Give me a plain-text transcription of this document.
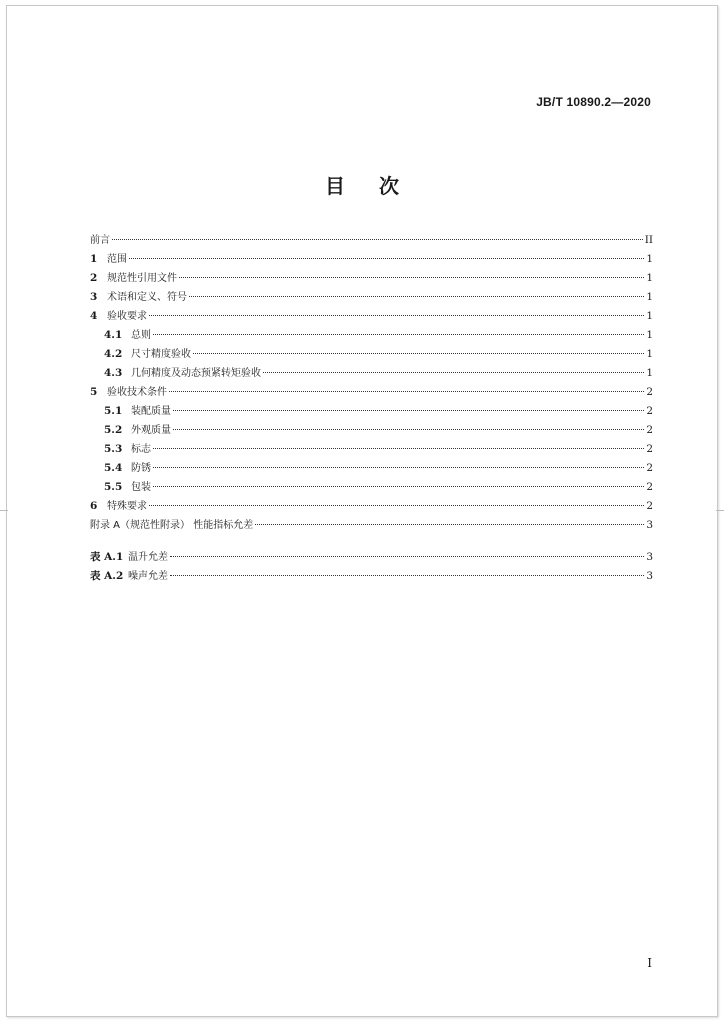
JB/T 10890.2—2020
目次
前言	II
1 范围	1
2 规范性引用文件	1
3 术语和定义、符号	1
4 验收要求	1
4.1 总则	1
4.2 尺寸精度验收	1
4.3 几何精度及动态预紧转矩验收	1
5 验收技术条件	2
5.1 装配质量	2
5.2 外观质量	2
5.3 标志	2
5.4 防锈	2
5.5 包装	2
6 特殊要求	2
附录 A（规范性附录） 性能指标允差	3
表 A.1 温升允差	3
表 A.2 噪声允差	3
I
